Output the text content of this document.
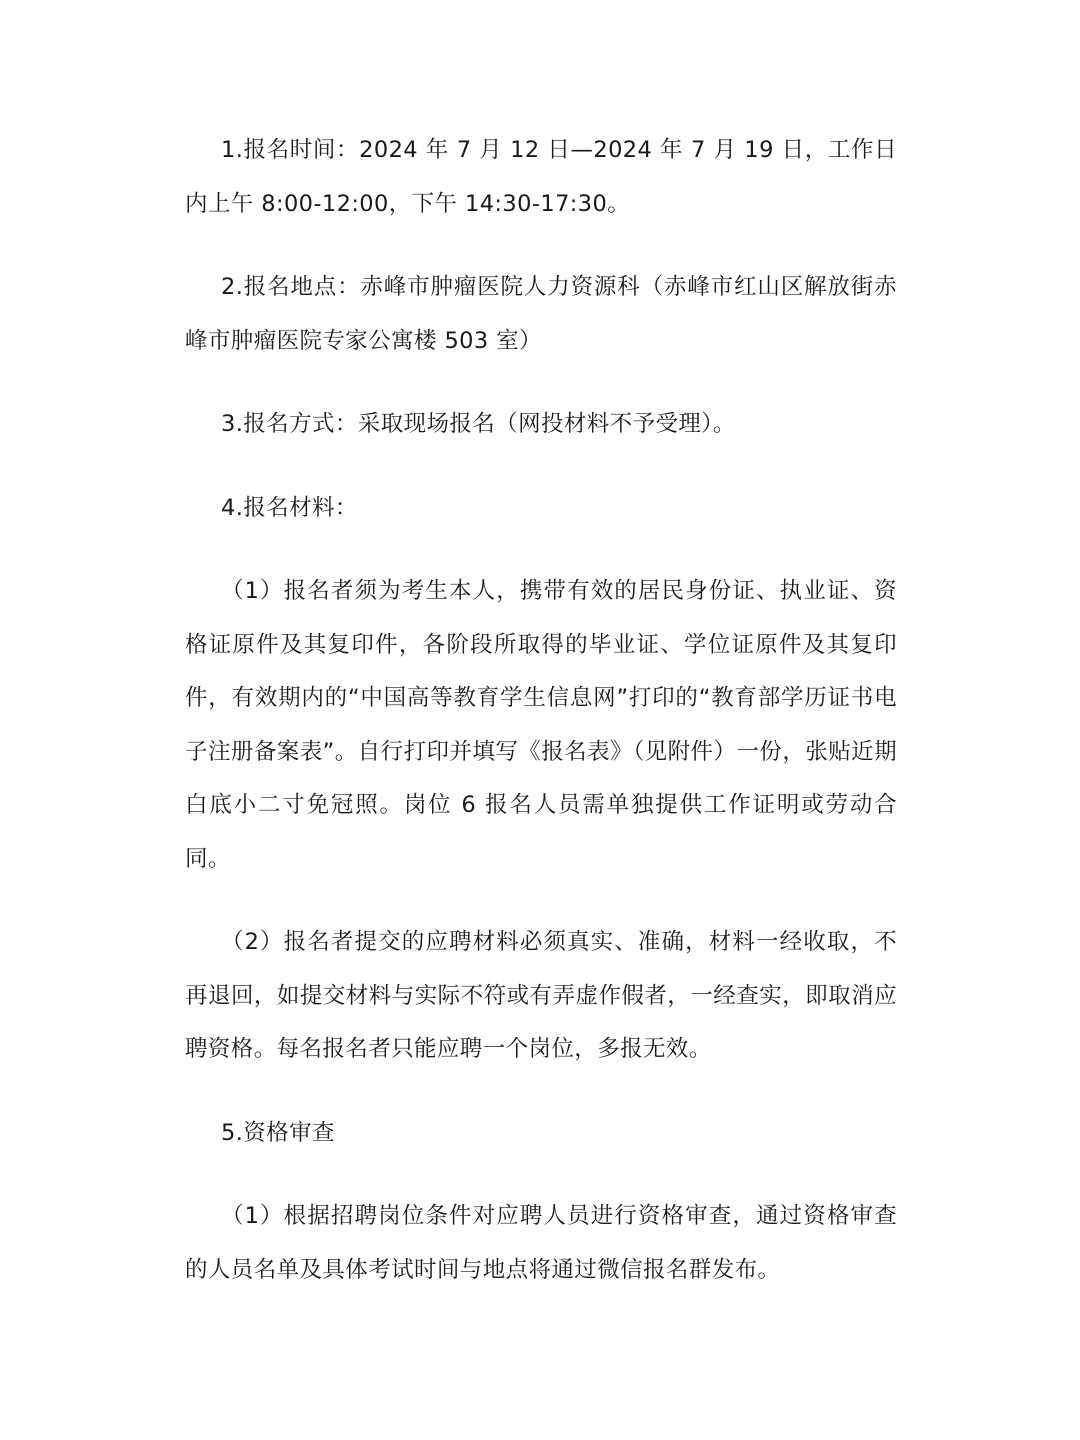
1.报名时间：2024 年 7 月 12 日—2024 年 7 月 19 日，工作日内上午 8:00-12:00，下午 14:30-17:30。

2.报名地点：赤峰市肿瘤医院人力资源科（赤峰市红山区解放街赤峰市肿瘤医院专家公寓楼 503 室）

3.报名方式：采取现场报名（网投材料不予受理）。

4.报名材料：

（1）报名者须为考生本人，携带有效的居民身份证、执业证、资格证原件及其复印件，各阶段所取得的毕业证、学位证原件及其复印件，有效期内的“中国高等教育学生信息网”打印的“教育部学历证书电子注册备案表”。自行打印并填写《报名表》（见附件）一份，张贴近期白底小二寸免冠照。岗位 6 报名人员需单独提供工作证明或劳动合同。

（2）报名者提交的应聘材料必须真实、准确，材料一经收取，不再退回，如提交材料与实际不符或有弄虚作假者，一经查实，即取消应聘资格。每名报名者只能应聘一个岗位，多报无效。

5.资格审查

（1）根据招聘岗位条件对应聘人员进行资格审查，通过资格审查的人员名单及具体考试时间与地点将通过微信报名群发布。
